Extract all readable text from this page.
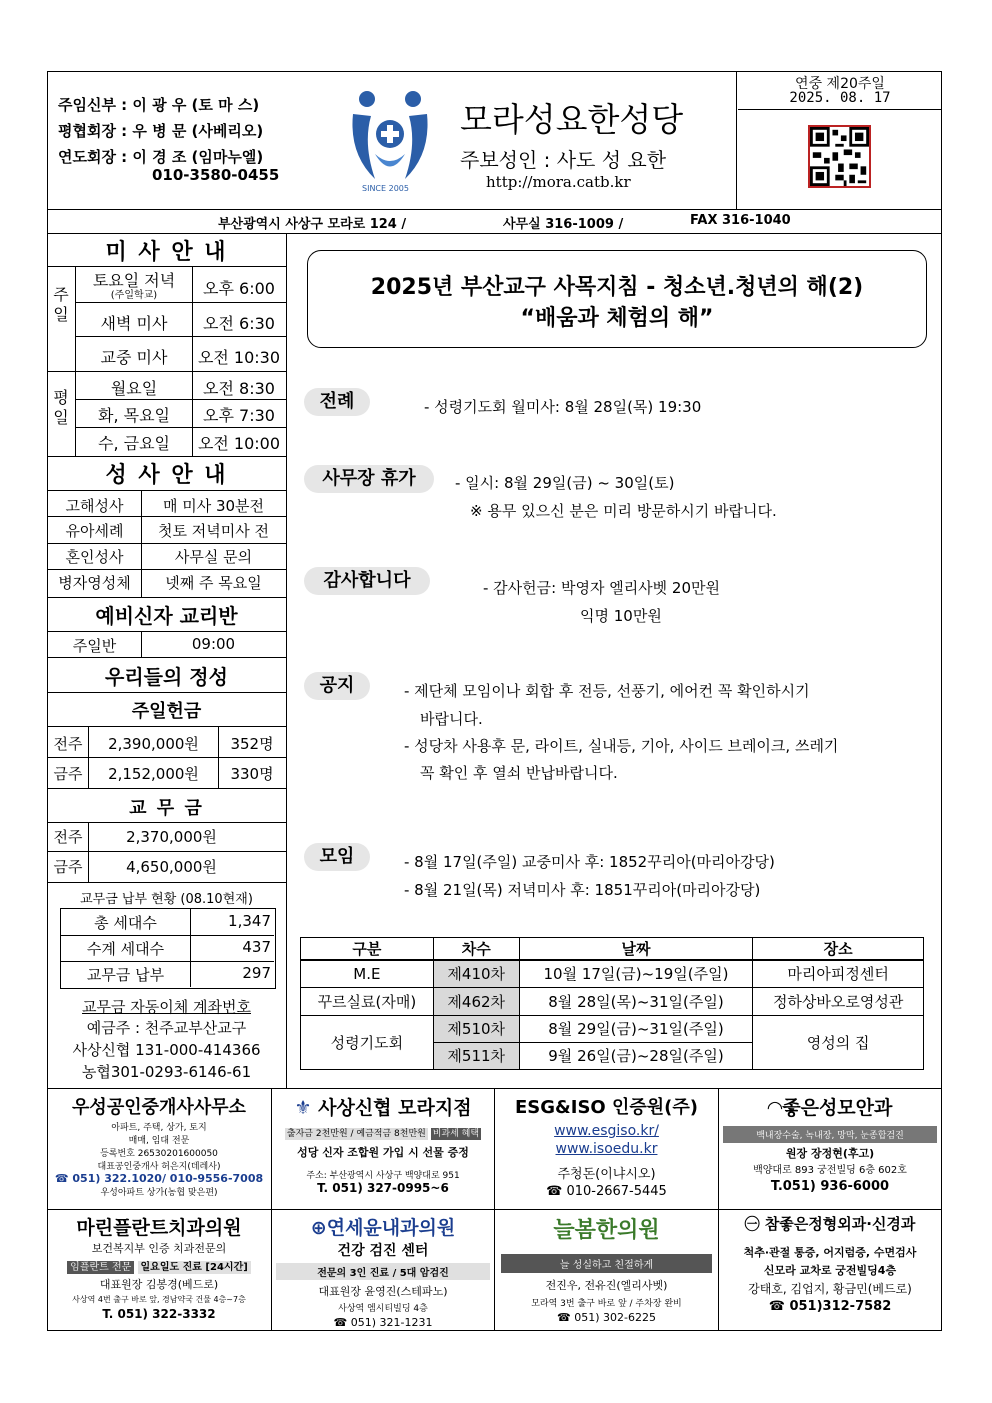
주임신부 : 이 광 우 (토 마 스)
평협회장 : 우 병 문 (사베리오)
연도회장 : 이 경 조 (임마누엘)
010-3580-0455
SINCE 2005
모라성요한성당
주보성인 : 사도 성 요한
http://mora.catb.kr
연중 제20주일
2025. 08. 17
부산광역시 사상구 모라로 124 /	사무실 316-1009 /	FAX 316-1040
미 사 안 내
주일
토요일 저녁
(주일학교)	오후 6:00
새벽 미사	오전 6:30
교중 미사	오전 10:30
평일
월요일	오전 8:30
화, 목요일	오후 7:30
수, 금요일	오전 10:00
성 사 안 내
고해성사	매 미사 30분전
유아세례	첫토 저녁미사 전
혼인성사	사무실 문의
병자영성체	넷째 주 목요일
예비신자 교리반
주일반	09:00
우리들의 정성
주일헌금
전주	2,390,000원	352명
금주	2,152,000원	330명
교 무 금
전주	2,370,000원
금주	4,650,000원
교무금 납부 현황 (08.10현재)
총 세대수	1,347
수계 세대수	437
교무금 납부	297
교무금 자동이체 계좌번호
예금주 : 천주교부산교구
사상신협 131-000-414366
농협301-0293-6146-61
2025년 부산교구 사목지침 - 청소년.청년의 해(2)
“배움과 체험의 해”
전례	- 성령기도회 월미사: 8월 28일(목) 19:30
사무장 휴가	- 일시: 8월 29일(금) ~ 30일(토)
※ 용무 있으신 분은 미리 방문하시기 바랍니다.
감사합니다	- 감사헌금: 박영자 엘리사벳 20만원
익명 10만원
공지	- 제단체 모임이나 회합 후 전등, 선풍기, 에어컨 꼭 확인하시기
바랍니다.
- 성당차 사용후 문, 라이트, 실내등, 기아, 사이드 브레이크, 쓰레기
꼭 확인 후 열쇠 반납바랍니다.
모임	- 8월 17일(주일) 교중미사 후: 1852꾸리아(마리아강당)
- 8월 21일(목) 저녁미사 후: 1851꾸리아(마리아강당)
구분	차수	날짜	장소
M.E	제410차	10월 17일(금)~19일(주일)	마리아피정센터
꾸르실료(자매)	제462차	8월 28일(목)~31일(주일)	정하상바오로영성관
성령기도회	제510차	8월 29일(금)~31일(주일)	영성의 집
	제511차	9월 26일(금)~28일(주일)	
우성공인중개사사무소
아파트, 주택, 상가, 토지
매매, 임대 전문
등록번호 26530201600050
대표공인중개사 허은지(데레사)
☎ 051) 322.1020/ 010-9556-7008
우성아파트 상가(농협 맞은편)
⚜ 사상신협 모라지점
출자금 2천만원 / 예금적금 8천만원 비과세 혜택
성당 신자 조합원 가입 시 선물 증정
주소: 부산광역시 사상구 백양대로 951
T. 051) 327-0995~6
ESG&ISO 인증원(주)
www.esgiso.kr/
www.isoedu.kr
주청돈(이냐시오)
☎ 010-2667-5445
◠좋은성모안과
백내장수술, 녹내장, 망막, 눈종합검진
원장 장정현(후고)
백양대로 893 궁전빌딩 6층 602호
T.051) 936-6000
마린플란트치과의원
보건복지부 인증 치과전문의
임플란트 전문 일요일도 진료 [24시간]
대표원장 김봉경(베드로)
사상역 4번 출구 바로 앞, 경남약국 건물 4층~7층
T. 051) 322-3332
⊕연세윤내과의원
건강 검진 센터
전문의 3인 진료 / 5대 암검진
대표원장 윤영진(스테파노)
사상역 엠시티빌딩 4층
☎ 051) 321-1231
늘봄한의원
늘 성실하고 친절하게
전진우, 전유진(엘리사벳)
모라역 3번 출구 바로 앞 / 주차장 완비
☎ 051) 302-6225
㊀ 참좋은정형외과·신경과
척추·관절 통증, 어지럼증, 수면검사
신모라 교차로 궁전빌딩4층
강태호, 김업지, 황금민(베드로)
☎ 051)312-7582
